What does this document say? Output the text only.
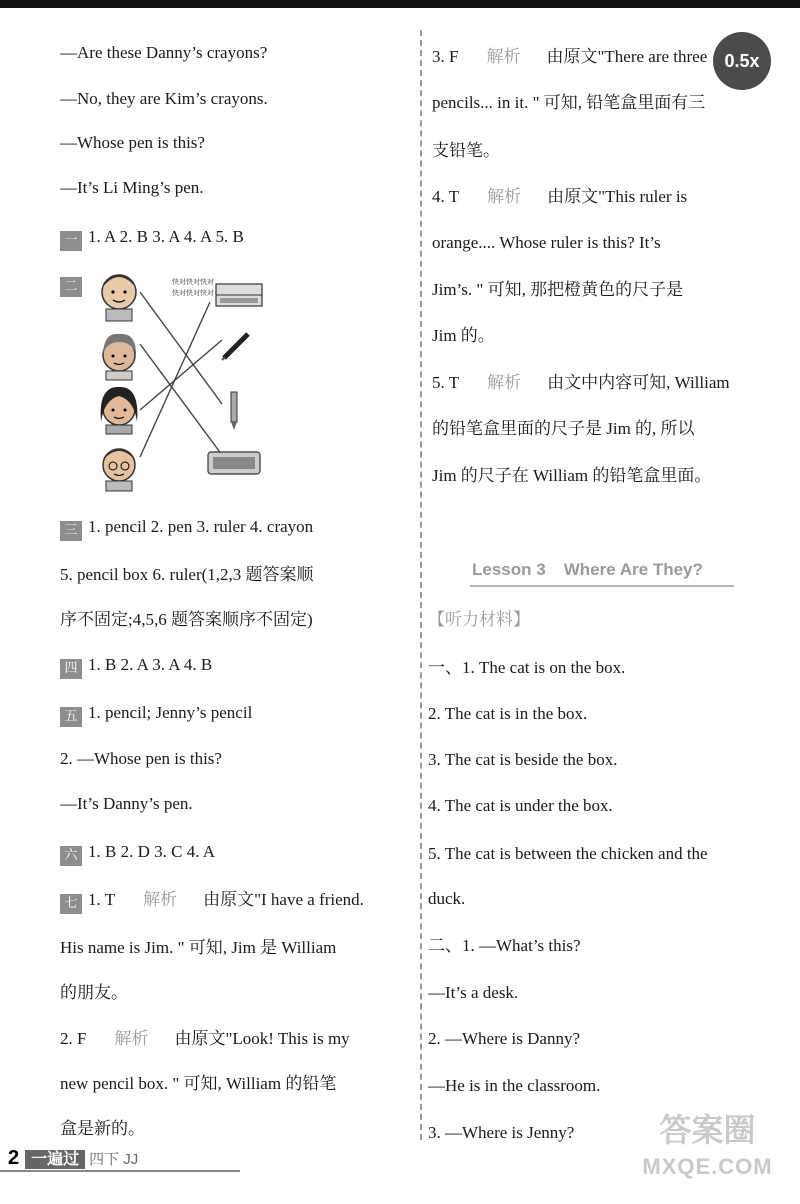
—Are these Danny’s crayons?
—No, they are Kim’s crayons.
—Whose pen is this?
—It’s Li Ming’s pen.
一 1. A 2. B 3. A 4. A 5. B
二	快对快对快对
快对快对快对
三 1. pencil 2. pen 3. ruler 4. crayon
5. pencil box 6. ruler(1,2,3 题答案顺
序不固定;4,5,6 题答案顺序不固定)
四 1. B 2. A 3. A 4. B
五 1. pencil; Jenny’s pencil
2. —Whose pen is this?
—It’s Danny’s pen.
六 1. B 2. D 3. C 4. A
七 1. T 解析 由原文"I have a friend.
His name is Jim. " 可知, Jim 是 William
的朋友。
2. F 解析 由原文"Look! This is my
new pencil box. " 可知, William 的铅笔
盒是新的。
3. F 解析 由原文"There are three
pencils... in it. " 可知, 铅笔盒里面有三
支铅笔。
4. T 解析 由原文"This ruler is
orange.... Whose ruler is this? It’s
Jim’s. " 可知, 那把橙黄色的尺子是
Jim 的。
5. T 解析 由文中内容可知, William
的铅笔盒里面的尺子是 Jim 的, 所以
Jim 的尺子在 William 的铅笔盒里面。
Lesson 3 Where Are They?
【听力材料】
一、1. The cat is on the box.
2. The cat is in the box.
3. The cat is beside the box.
4. The cat is under the box.
5. The cat is between the chicken and the
duck.
二、1. —What’s this?
—It’s a desk.
2. —Where is Danny?
—He is in the classroom.
3. —Where is Jenny?
0.5x
2 一遍过 四下 JJ
答案圈
MXQE.COM
